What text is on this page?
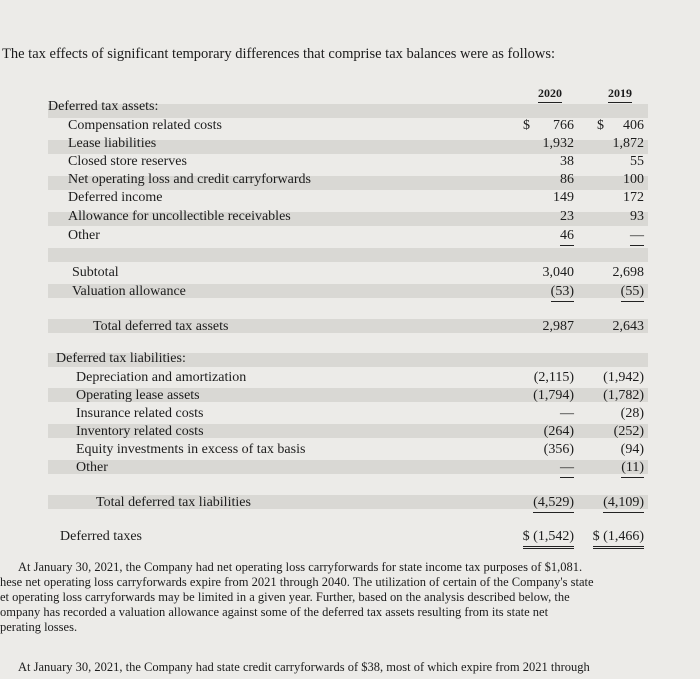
The tax effects of significant temporary differences that comprise tax balances were as follows:
2020	2019
Deferred tax assets:
Compensation related costs	$ 766 $ 406
Lease liabilities	1,932	1,872
Closed store reserves	38	55
Net operating loss and credit carryforwards	86	100
Deferred income	149	172
Allowance for uncollectible receivables	23	93
Other	46	—
Subtotal	3,040	2,698
Valuation allowance	(53)	(55)
Total deferred tax assets	2,987	2,643
Deferred tax liabilities:
Depreciation and amortization	(2,115) (1,942)
Operating lease assets	(1,794) (1,782)
Insurance related costs	—	(28)
Inventory related costs	(264)	(252)
Equity investments in excess of tax basis	(356)	(94)
Other	—	(11)
Total deferred tax liabilities	(4,529) (4,109)
Deferred taxes	$ (1,542) $ (1,466)
At January 30, 2021, the Company had net operating loss carryforwards for state income tax purposes of $1,081.
hese net operating loss carryforwards expire from 2021 through 2040. The utilization of certain of the Company's state
et operating loss carryforwards may be limited in a given year. Further, based on the analysis described below, the
ompany has recorded a valuation allowance against some of the deferred tax assets resulting from its state net
perating losses.
At January 30, 2021, the Company had state credit carryforwards of $38, most of which expire from 2021 through
